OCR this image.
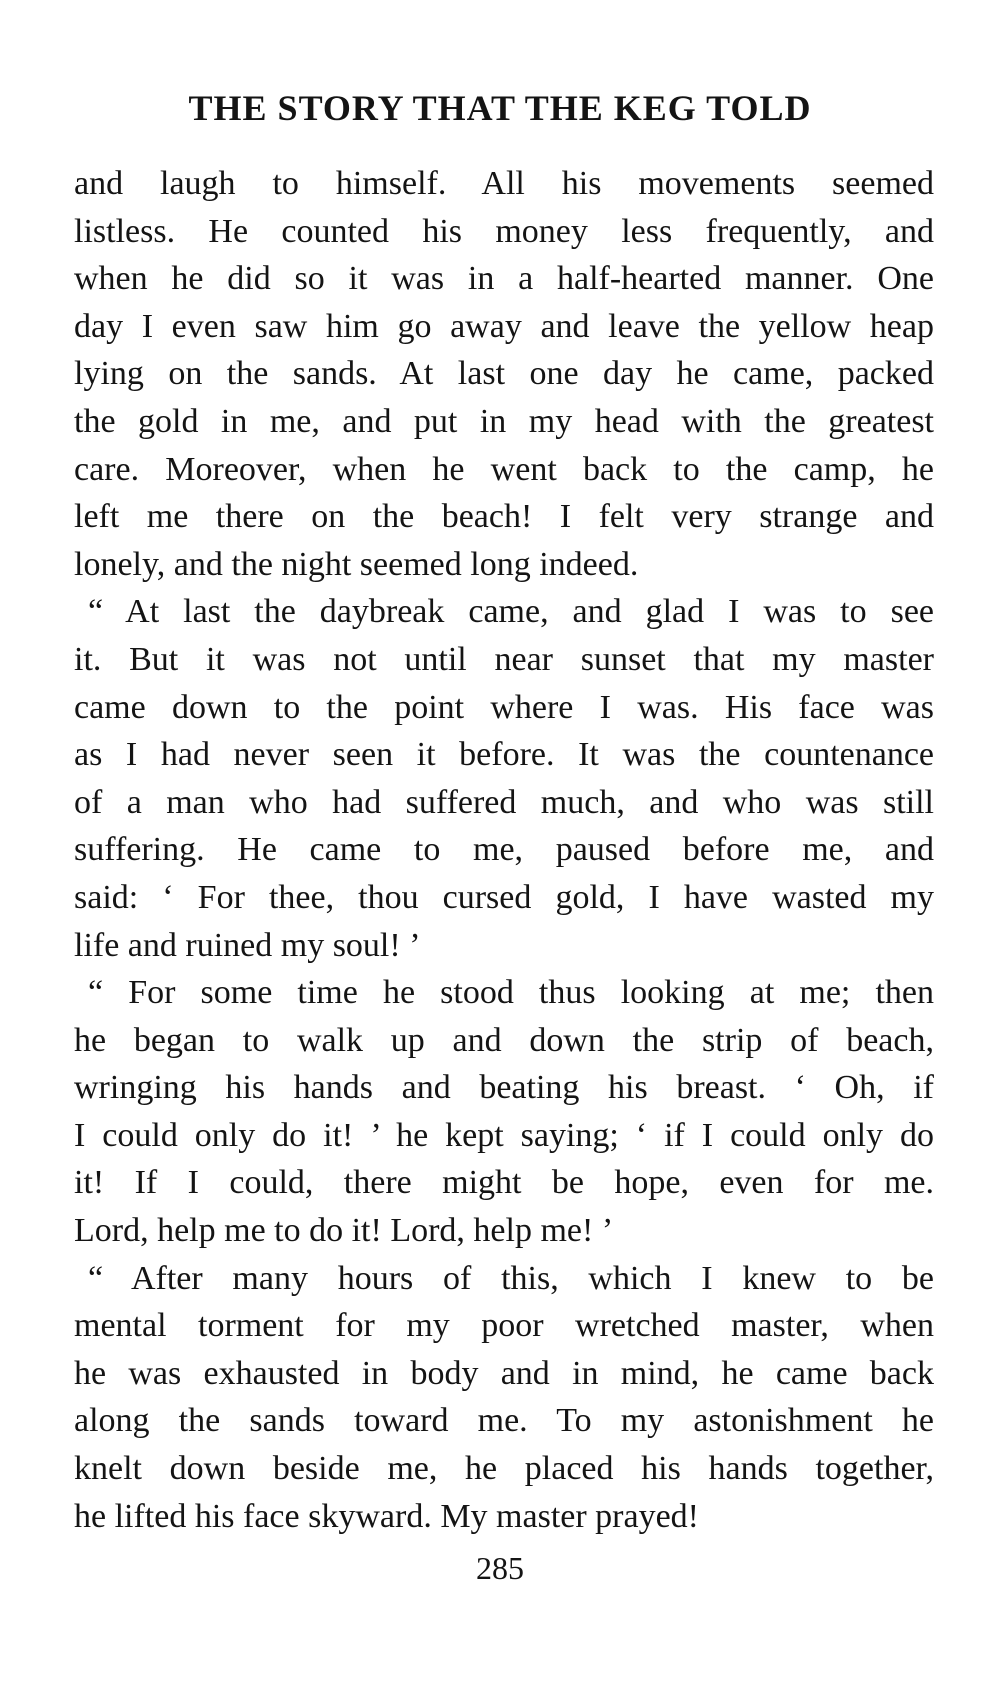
THE STORY THAT THE KEG TOLD
and laugh to himself. All his movements seemed
listless. He counted his money less frequently, and
when he did so it was in a half-hearted manner. One
day I even saw him go away and leave the yellow heap
lying on the sands. At last one day he came, packed
the gold in me, and put in my head with the greatest
care. Moreover, when he went back to the camp, he
left me there on the beach! I felt very strange and
lonely, and the night seemed long indeed.
“ At last the daybreak came, and glad I was to see
it. But it was not until near sunset that my master
came down to the point where I was. His face was
as I had never seen it before. It was the countenance
of a man who had suffered much, and who was still
suffering. He came to me, paused before me, and
said: ‘ For thee, thou cursed gold, I have wasted my
life and ruined my soul! ’
“ For some time he stood thus looking at me; then
he began to walk up and down the strip of beach,
wringing his hands and beating his breast. ‘ Oh, if
I could only do it! ’ he kept saying; ‘ if I could only do
it! If I could, there might be hope, even for me.
Lord, help me to do it! Lord, help me! ’
“ After many hours of this, which I knew to be
mental torment for my poor wretched master, when
he was exhausted in body and in mind, he came back
along the sands toward me. To my astonishment he
knelt down beside me, he placed his hands together,
he lifted his face skyward. My master prayed!
285
